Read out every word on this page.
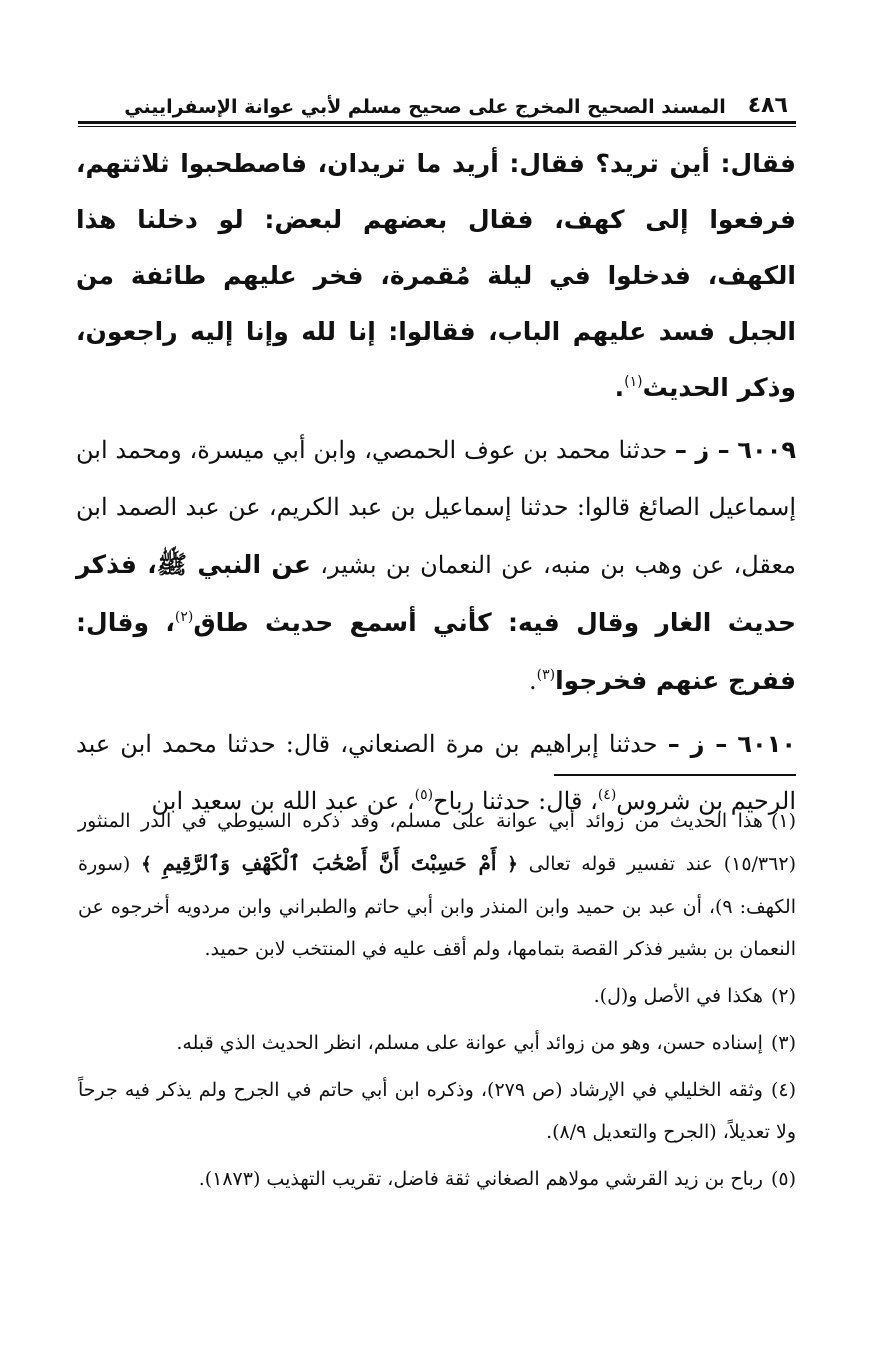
٤٨٦
المسند الصحيح المخرج على صحيح مسلم لأبي عوانة الإسفراييني

فقال: أين تريد؟ فقال: أريد ما تريدان، فاصطحبوا ثلاثتهم، فرفعوا إلى كهف، فقال بعضهم لبعض: لو دخلنا هذا الكهف، فدخلوا في ليلة مُقمرة، فخر عليهم طائفة من الجبل فسد عليهم الباب، فقالوا: إنا لله وإنا إليه راجعون، وذكر الحديث$^{(١)}$.

٦٠٠٩ – ز – حدثنا محمد بن عوف الحمصي، وابن أبي ميسرة، ومحمد ابن إسماعيل الصائغ قالوا: حدثنا إسماعيل بن عبد الكريم، عن عبد الصمد ابن معقل، عن وهب بن منبه، عن النعمان بن بشير، عن النبي ﷺ، فذكر حديث الغار وقال فيه: كأني أسمع حديث طاق$^{(٢)}$، وقال: ففرج عنهم فخرجوا$^{(٣)}$.

٦٠١٠ – ز – حدثنا إبراهيم بن مرة الصنعاني، قال: حدثنا محمد ابن عبد الرحيم بن شروس$^{(٤)}$، قال: حدثنا رباح$^{(٥)}$، عن عبد الله بن سعيد ابن

(١)هذا الحديث من زوائد أبي عوانة على مسلم، وقد ذكره السيوطي في الدر المنثور (١٥/٣٦٢) عند تفسير قوله تعالى ﴿ أَمْ حَسِبْتَ أَنَّ أَصْحَٰبَ ٱلْكَهْفِ وَٱلرَّقِيمِ ﴾ (سورة الكهف: ٩)، أن عبد بن حميد وابن المنذر وابن أبي حاتم والطبراني وابن مردويه أخرجوه عن النعمان بن بشير فذكر القصة بتمامها، ولم أقف عليه في المنتخب لابن حميد.

(٢)هكذا في الأصل و(ل).

(٣)إسناده حسن، وهو من زوائد أبي عوانة على مسلم، انظر الحديث الذي قبله.

(٤)وثقه الخليلي في الإرشاد (ص ٢٧٩)، وذكره ابن أبي حاتم في الجرح ولم يذكر فيه جرحاً ولا تعديلاً، (الجرح والتعديل ٨/٩).

(٥)رباح بن زيد القرشي مولاهم الصغاني ثقة فاضل، تقريب التهذيب (١٨٧٣).
